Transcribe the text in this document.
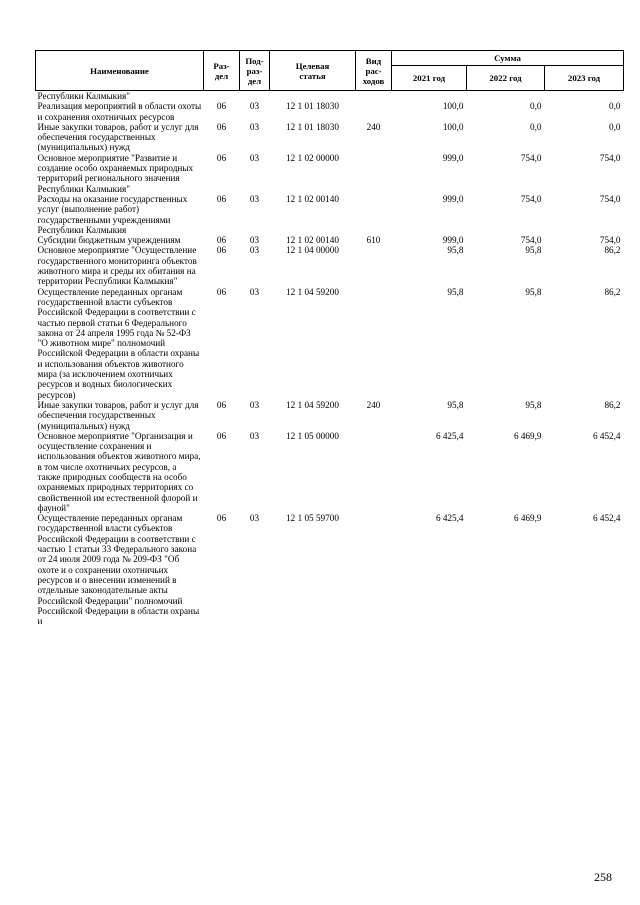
Наименование	Раз-
дел	Под-
раз-
дел	Целевая
статья	Вид
рас-
ходов	Сумма		
					2021 год	2022 год	2023 год
Республики Калмыкия"							
Реализация мероприятий в области охоты и сохранения охотничьих ресурсов	06	03	12 1 01 18030		100,0	0,0	0,0
Иные закупки товаров, работ и услуг для обеспечения государственных (муниципальных) нужд	06	03	12 1 01 18030	240	100,0	0,0	0,0
Основное мероприятие "Развитие и создание особо охраняемых природных территорий регионального значения Республики Калмыкия"	06	03	12 1 02 00000		999,0	754,0	754,0
Расходы на оказание государственных услуг (выполнение работ) государственными учреждениями Республики Калмыкия	06	03	12 1 02 00140		999,0	754,0	754,0
Субсидии бюджетным учреждениям	06	03	12 1 02 00140	610	999,0	754,0	754,0
Основное мероприятие "Осуществление государственного мониторинга объектов животного мира и среды их обитания на территории Республики Калмыкия"	06	03	12 1 04 00000		95,8	95,8	86,2
Осуществление переданных органам государственной власти субъектов Российской Федерации в соответствии с частью первой статьи 6 Федерального закона от 24 апреля 1995 года № 52-ФЗ "О животном мире" полномочий Российской Федерации в области охраны и использования объектов животного мира (за исключением охотничьих ресурсов и водных биологических ресурсов)	06	03	12 1 04 59200		95,8	95,8	86,2
Иные закупки товаров, работ и услуг для обеспечения государственных (муниципальных) нужд	06	03	12 1 04 59200	240	95,8	95,8	86,2
Основное мероприятие "Организация и осуществление сохранения и использования объектов животного мира, в том числе охотничьих ресурсов, а также природных сообществ на особо охраняемых природных территориях со свойственной им естественной флорой и фауной"	06	03	12 1 05 00000		6 425,4	6 469,9	6 452,4
Осуществление переданных органам государственной власти субъектов Российской Федерации в соответствии с частью 1 статьи 33 Федерального закона от 24 июля 2009 года № 209-ФЗ "Об охоте и о сохранении охотничьих ресурсов и о внесении изменений в отдельные законодательные акты Российской Федерации" полномочий Российской Федерации в области охраны и	06	03	12 1 05 59700		6 425,4	6 469,9	6 452,4
258
